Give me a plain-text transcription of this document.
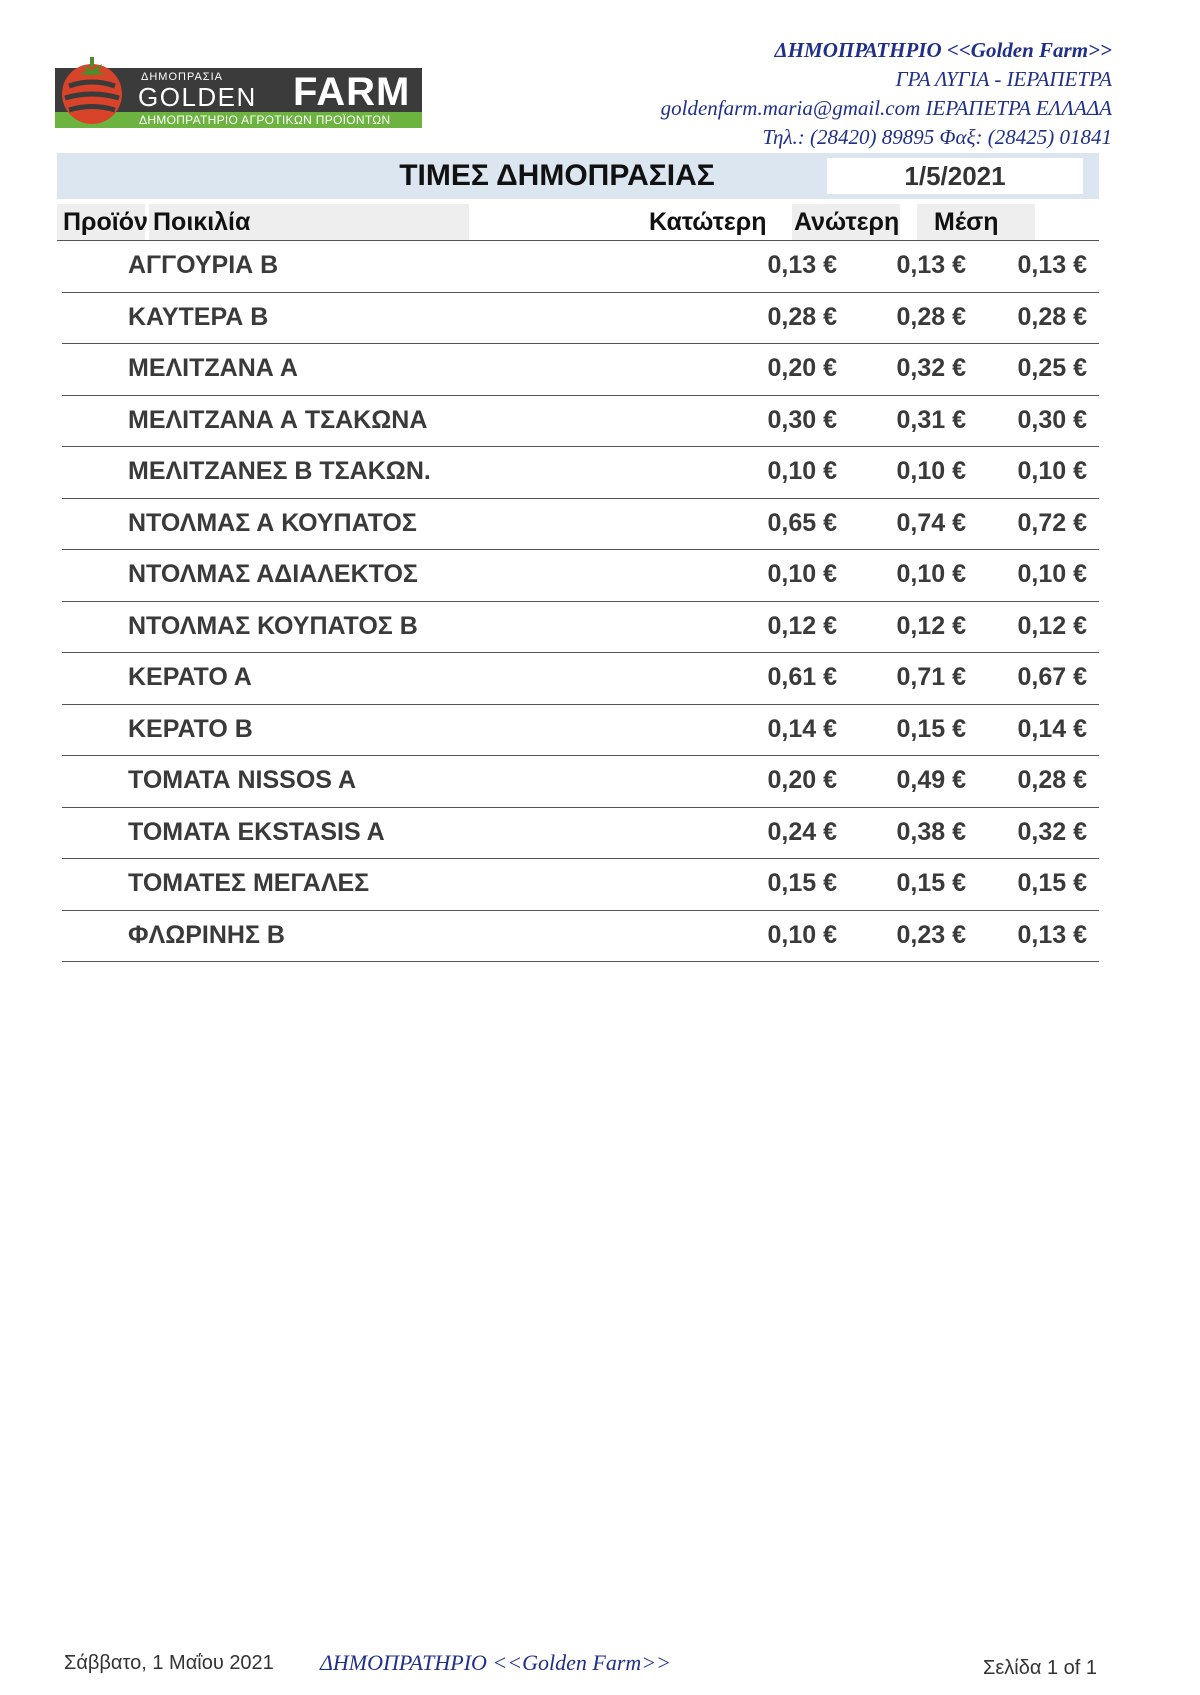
ΔΗΜΟΠΡΑΣΙΑ
GOLDEN FARM
ΔΗΜΟΠΡΑΤΗΡΙΟ ΑΓΡΟΤΙΚΩΝ ΠΡΟΪΟΝΤΩΝ
ΔΗΜΟΠΡΑΤΗΡΙΟ <<Golden Farm>>
ΓΡΑ ΛΥΓΙΑ - ΙΕΡΑΠΕΤΡΑ
goldenfarm.maria@gmail.com ΙΕΡΑΠΕΤΡΑ ΕΛΛΑΔΑ
Τηλ.: (28420) 89895 Φαξ: (28425) 01841
ΤΙΜΕΣ ΔΗΜΟΠΡΑΣΙΑΣ	1/5/2021
Προϊόν Ποικιλία	Κατώτερη Ανώτερη Μέση
ΑΓΓΟΥΡΙΑ Β	0,13 € 0,13 € 0,13 €
ΚΑΥΤΕΡΑ Β	0,28 € 0,28 € 0,28 €
ΜΕΛΙΤΖΑΝΑ Α	0,20 € 0,32 € 0,25 €
ΜΕΛΙΤΖΑΝΑ Α ΤΣΑΚΩΝΑ	0,30 € 0,31 € 0,30 €
ΜΕΛΙΤΖΑΝΕΣ Β ΤΣΑΚΩΝ.	0,10 € 0,10 € 0,10 €
ΝΤΟΛΜΑΣ Α ΚΟΥΠΑΤΟΣ	0,65 € 0,74 € 0,72 €
ΝΤΟΛΜΑΣ ΑΔΙΑΛΕΚΤΟΣ	0,10 € 0,10 € 0,10 €
ΝΤΟΛΜΑΣ ΚΟΥΠΑΤΟΣ Β	0,12 € 0,12 € 0,12 €
ΚΕΡΑΤΟ Α	0,61 € 0,71 € 0,67 €
ΚΕΡΑΤΟ Β	0,14 € 0,15 € 0,14 €
ΤΟΜΑΤΑ NISSOS A	0,20 € 0,49 € 0,28 €
ΤΟΜΑΤΑ EKSTASIS A	0,24 € 0,38 € 0,32 €
ΤΟΜΑΤΕΣ ΜΕΓΑΛΕΣ	0,15 € 0,15 € 0,15 €
ΦΛΩΡΙΝΗΣ Β	0,10 € 0,23 € 0,13 €
Σάββατο, 1 Μαΐου 2021 ΔΗΜΟΠΡΑΤΗΡΙΟ <<Golden Farm>>	Σελίδα 1 of 1
